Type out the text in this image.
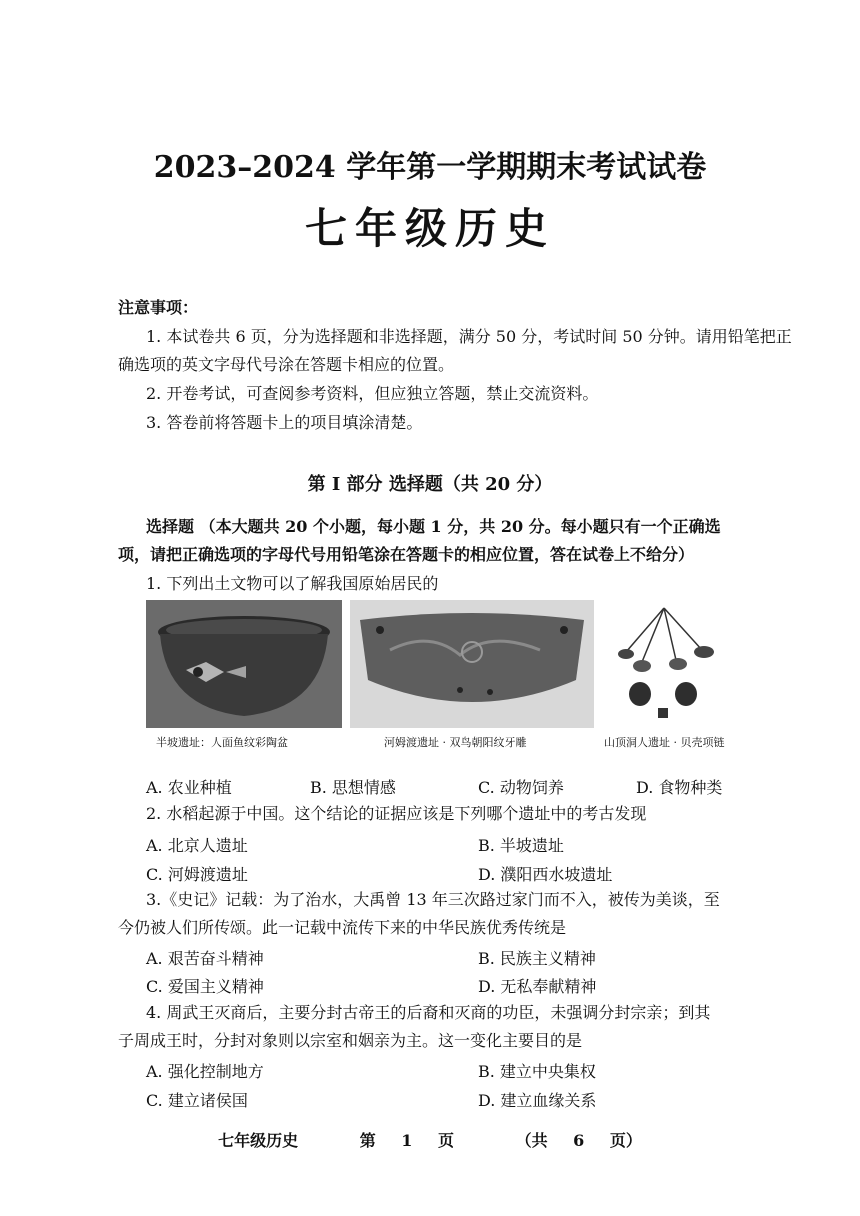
2023–2024 学年第一学期期末考试试卷
七年级历史
注意事项：
1. 本试卷共 6 页，分为选择题和非选择题，满分 50 分，考试时间 50 分钟。请用铅笔把正
确选项的英文字母代号涂在答题卡相应的位置。
2. 开卷考试，可查阅参考资料，但应独立答题，禁止交流资料。
3. 答卷前将答题卡上的项目填涂清楚。
第 Ⅰ 部分 选择题（共 20 分）
选择题 （本大题共 20 个小题，每小题 1 分，共 20 分。每小题只有一个正确选
项，请把正确选项的字母代号用铅笔涂在答题卡的相应位置，答在试卷上不给分）
1. 下列出土文物可以了解我国原始居民的
半坡遗址：人面鱼纹彩陶盆	河姆渡遗址 · 双鸟朝阳纹牙雕	山顶洞人遗址 · 贝壳项链
A. 农业种植	B. 思想情感	C. 动物饲养	D. 食物种类
2. 水稻起源于中国。这个结论的证据应该是下列哪个遗址中的考古发现
A. 北京人遗址	B. 半坡遗址
C. 河姆渡遗址	D. 濮阳西水坡遗址
3.《史记》记载：为了治水，大禹曾 13 年三次路过家门而不入，被传为美谈，至
今仍被人们所传颂。此一记载中流传下来的中华民族优秀传统是
A. 艰苦奋斗精神	B. 民族主义精神
C. 爱国主义精神	D. 无私奉献精神
4. 周武王灭商后，主要分封古帝王的后裔和灭商的功臣，未强调分封宗亲；到其
子周成王时，分封对象则以宗室和姻亲为主。这一变化主要目的是
A. 强化控制地方	B. 建立中央集权
C. 建立诸侯国	D. 建立血缘关系
七年级历史	第 1 页	（共 6 页）
